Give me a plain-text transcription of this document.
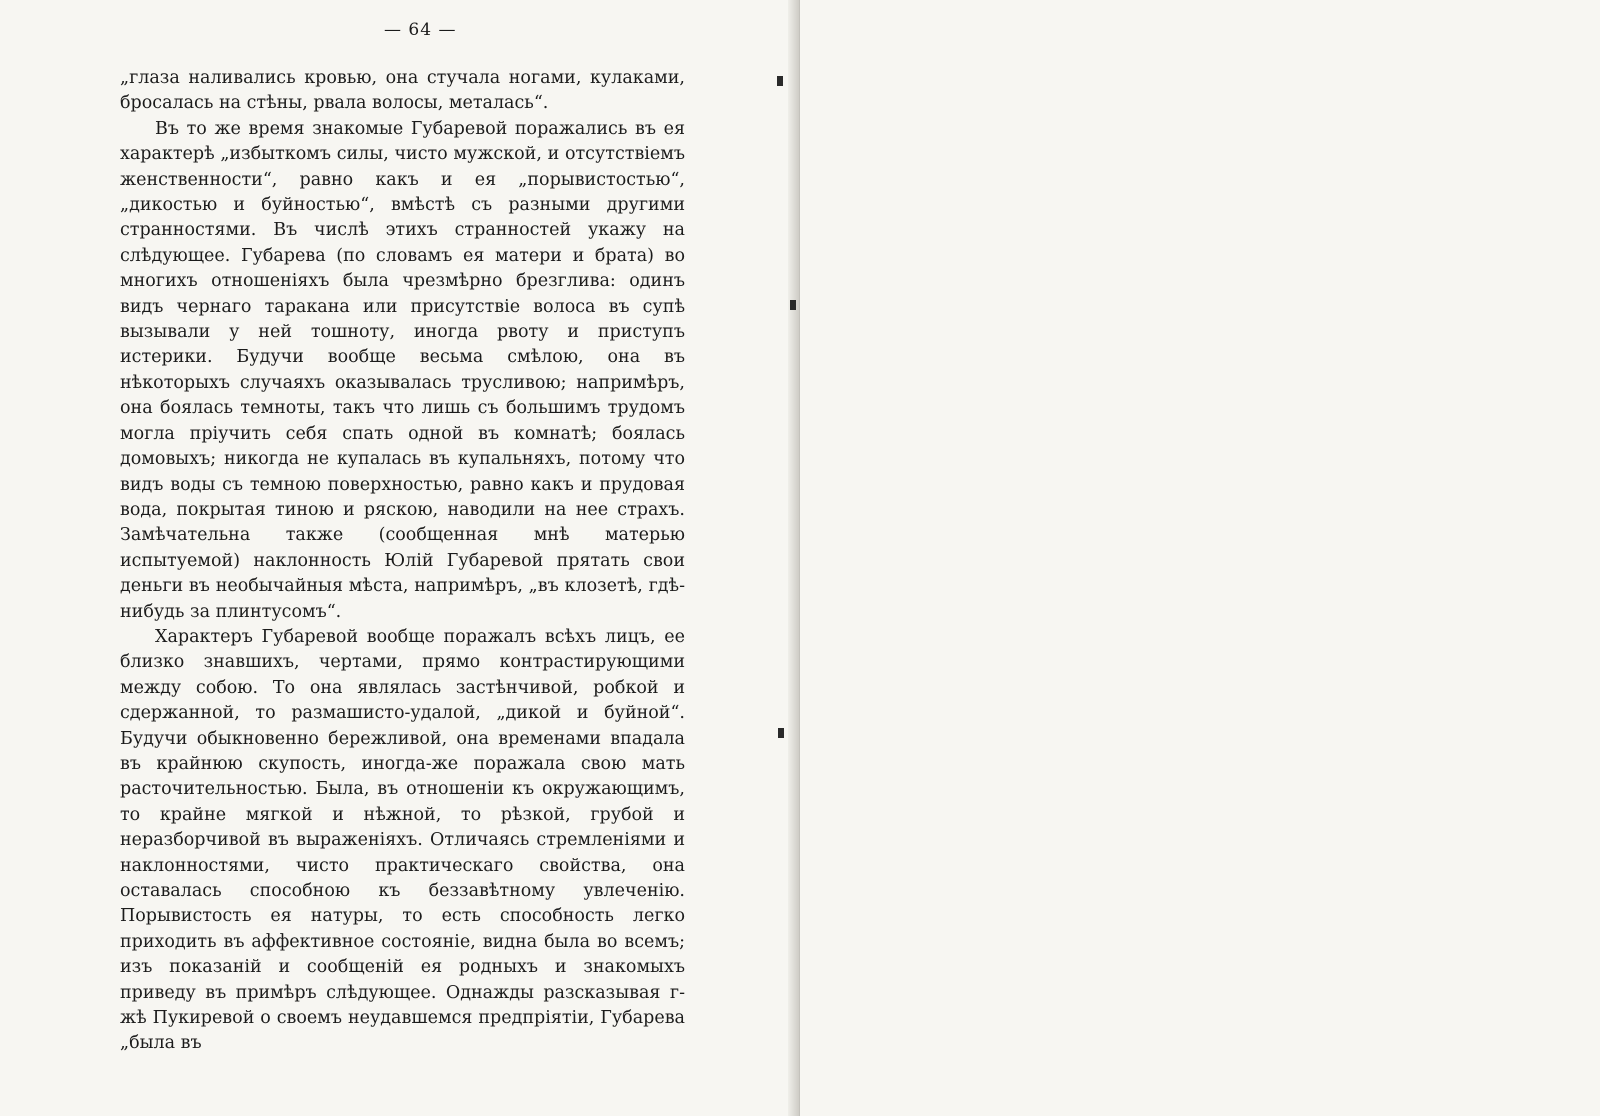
— 64 —

„глаза наливались кровью, она стучала ногами, кулаками, бросалась на стѣны, рвала волосы, металась“.

Въ то же время знакомые Губаревой поражались въ ея характерѣ „избыткомъ силы, чисто мужской, и отсутствіемъ женственности“, равно какъ и ея „порывистостью“, „дикостью и буйностью“, вмѣстѣ съ разными другими странностями. Въ числѣ этихъ странностей укажу на слѣдующее. Губарева (по словамъ ея матери и брата) во многихъ отношеніяхъ была чрезмѣрно брезглива: одинъ видъ чернаго таракана или присутствіе волоса въ супѣ вызывали у ней тошноту, иногда рвоту и приступъ истерики. Будучи вообще весьма смѣлою, она въ нѣкоторыхъ случаяхъ оказывалась трусливою; напримѣръ, она боялась темноты, такъ что лишь съ большимъ трудомъ могла пріучить себя спать одной въ комнатѣ; боялась домовыхъ; никогда не купалась въ купальняхъ, потому что видъ воды съ темною поверхностью, равно какъ и прудовая вода, покрытая тиною и ряскою, наводили на нее страхъ. Замѣчательна также (сообщенная мнѣ матерью испытуемой) наклонность Юлій Губаревой прятать свои деньги въ необычайныя мѣста, напримѣръ, „въ клозетѣ, гдѣ-нибудь за плинтусомъ“.

Характеръ Губаревой вообще поражалъ всѣхъ лицъ, ее близко знавшихъ, чертами, прямо контрастирующими между собою. То она являлась застѣнчивой, робкой и сдержанной, то размашисто-удалой, „дикой и буйной“. Будучи обыкновенно бережливой, она временами впадала въ крайнюю скупость, иногда-же поражала свою мать расточительностью. Была, въ отношеніи къ окружающимъ, то крайне мягкой и нѣжной, то рѣзкой, грубой и неразборчивой въ выраженіяхъ. Отличаясь стремленіями и наклонностями, чисто практическаго свойства, она оставалась способною къ беззавѣтному увлеченію. Порывистость ея натуры, то есть способность легко приходить въ аффективное состояніе, видна была во всемъ; изъ показаній и сообщеній ея родныхъ и знакомыхъ приведу въ примѣръ слѣдующее. Однажды разсказывая г-жѣ Пукиревой о своемъ неудавшемся предпріятіи, Губарева „была въ
